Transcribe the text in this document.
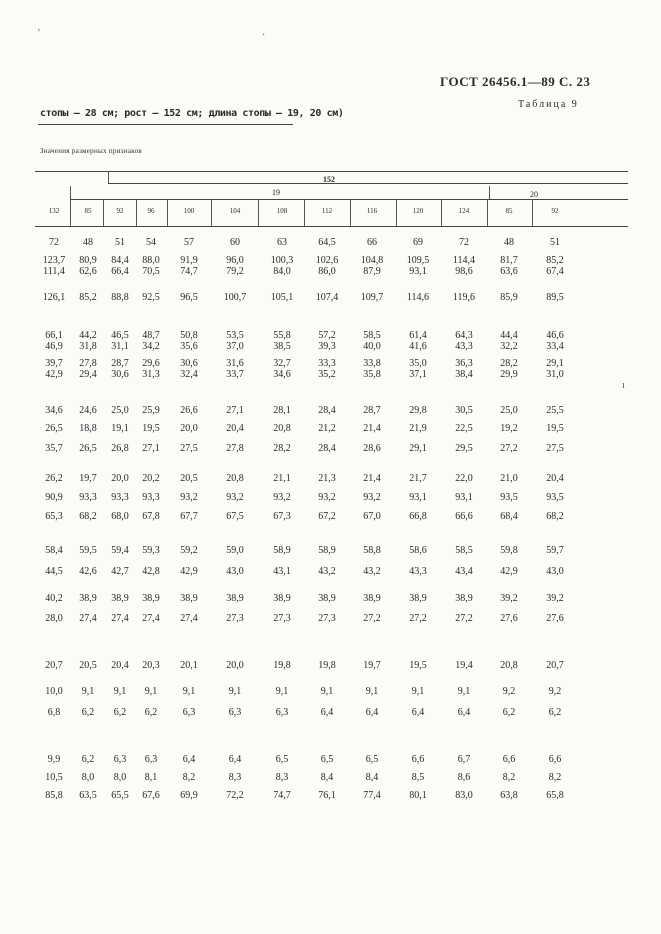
ГОСТ 26456.1—89 С. 23
Таблица 9
стопы — 28 см; рост — 152 см; длина стопы — 19, 20 см)
Значения размерных признаков
152
19	20
132	85	92	96	100	104	108	112	116	120	124	85	92
72 48 51 54	57	60	63	64,5	66	69	72	48	51
123,7 80,9 84,4 88,0 91,9	96,0	100,3 102,6 104,8 109,5 114,4	81,7	85,2
111,4 62,6 66,4 70,5 74,7	79,2	84,0	86,0	87,9	93,1	98,6	63,6	67,4
126,1 85,2 88,8 92,5 96,5	100,7 105,1 107,4 109,7 114,6 119,6	85,9	89,5
66,1 44,2 46,5 48,7 50,8	53,5	55,8	57,2	58,5	61,4	64,3	44,4	46,6
46,9 31,8 31,1 34,2 35,6	37,0	38,5	39,3	40,0	41,6	43,3	32,2	33,4
39,7 27,8 28,7 29,6 30,6	31,6	32,7	33,3	33,8	35,0	36,3	28,2	29,1
42,9 29,4 30,6 31,3 32,4	33,7	34,6	35,2	35,8	37,1	38,4	29,9	31,0
34,6 24,6 25,0 25,9 26,6	27,1	28,1	28,4	28,7	29,8	30,5	25,0	25,5
26,5 18,8 19,1 19,5 20,0	20,4	20,8	21,2	21,4	21,9	22,5	19,2	19,5
35,7 26,5 26,8 27,1 27,5	27,8	28,2	28,4	28,6	29,1	29,5	27,2	27,5
26,2 19,7 20,0 20,2 20,5	20,8	21,1	21,3	21,4	21,7	22,0	21,0	20,4
90,9 93,3 93,3 93,3 93,2	93,2	93,2	93,2	93,2	93,1	93,1	93,5	93,5
65,3 68,2 68,0 67,8 67,7	67,5	67,3	67,2	67,0	66,8	66,6	68,4	68,2
58,4 59,5 59,4 59,3 59,2	59,0	58,9	58,9	58,8	58,6	58,5	59,8	59,7
44,5 42,6 42,7 42,8 42,9	43,0	43,1	43,2	43,2	43,3	43,4	42,9	43,0
40,2 38,9 38,9 38,9 38,9	38,9	38,9	38,9	38,9	38,9	38,9	39,2	39,2
28,0 27,4 27,4 27,4 27,4	27,3	27,3	27,3	27,2	27,2	27,2	27,6	27,6
20,7 20,5 20,4 20,3 20,1	20,0	19,8	19,8	19,7	19,5	19,4	20,8	20,7
10,0 9,1 9,1 9,1	9,1	9,1	9,1	9,1	9,1	9,1	9,1	9,2	9,2
6,8 6,2 6,2 6,2	6,3	6,3	6,3	6,4	6,4	6,4	6,4	6,2	6,2
9,9 6,2 6,3 6,3	6,4	6,4	6,5	6,5	6,5	6,6	6,7	6,6	6,6
10,5 8,0 8,0 8,1	8,2	8,3	8,3	8,4	8,4	8,5	8,6	8,2	8,2
85,8 63,5 65,5 67,6 69,9	72,2	74,7	76,1	77,4	80,1	83,0	63,8	65,8
'	·
ı
